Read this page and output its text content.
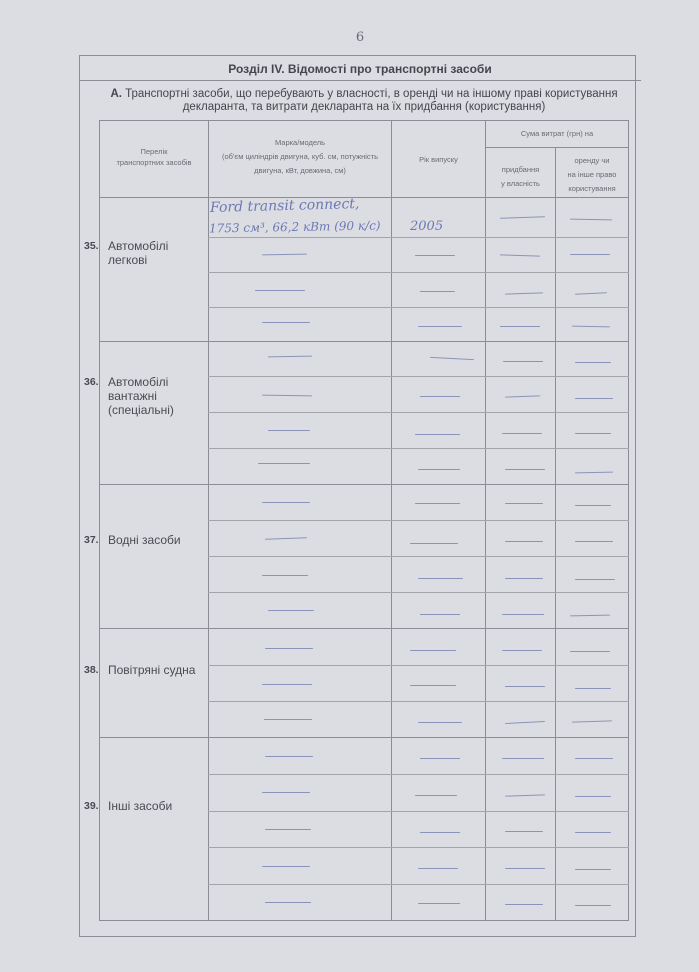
6
Розділ IV. Відомості про транспортні засоби
А. Транспортні засоби, що перебувають у власності, в оренді чи на іншому праві користування
декларанта, та витрати декларанта на їх придбання (користування)
Перелік
транспортних засобів
Марка/модель
(об'єм циліндрів двигуна, куб. см, потужність
двигуна, кВт, довжина, см)
Рік випуску
Сума витрат (грн) на
придбання
у власність
оренду чи
на інше право
користування
35. Автомобілі
легкові
36. Автомобілі
вантажні
(спеціальні)
37. Водні засоби
38. Повітряні судна
39. Інші засоби
Ford transit connect,
1753 см³, 66,2 кВт (90 к/с) 2005
